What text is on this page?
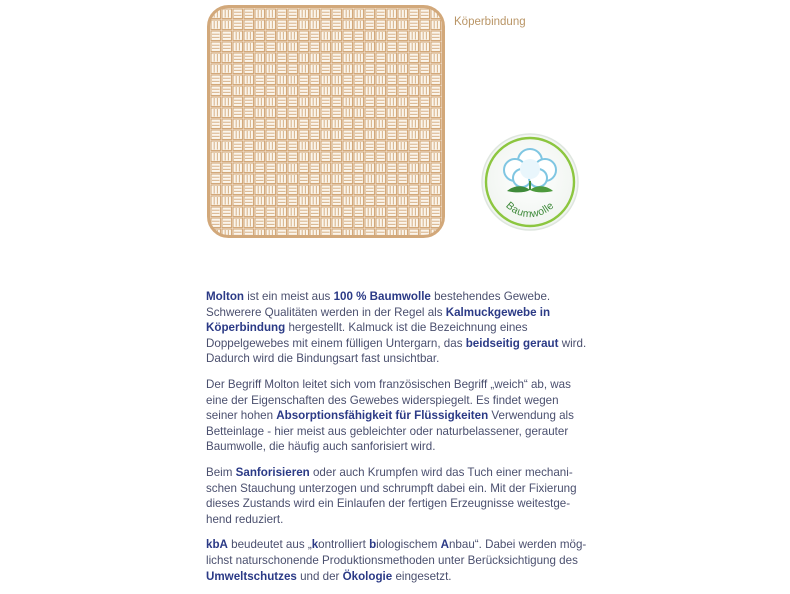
Köperbindung
Baumwolle

Molton ist ein meist aus 100 % Baumwolle bestehendes Gewebe. Schwerere Qualitäten werden in der Regel als Kalmuckgewebe in Köperbindung hergestellt. Kalmuck ist die Bezeichnung eines Doppelgewebes mit einem fülligen Untergarn, das beidseitig geraut wird. Dadurch wird die Bindungsart fast unsichtbar.

Der Begriff Molton leitet sich vom französischen Begriff „weich“ ab, was eine der Eigenschaften des Gewebes widerspiegelt. Es findet wegen seiner hohen Absorptionsfähigkeit für Flüssigkeiten Verwendung als Betteinlage - hier meist aus gebleichter oder naturbelassener, gerauter Baumwolle, die häufig auch sanforisiert wird.

Beim Sanforisieren oder auch Krumpfen wird das Tuch einer mechanischen Stauchung unterzogen und schrumpft dabei ein. Mit der Fixierung dieses Zustands wird ein Einlaufen der fertigen Erzeugnisse weitestgehend reduziert.

kbA beudeutet aus „kontrolliert biologischem Anbau“. Dabei werden möglichst naturschonende Produktionsmethoden unter Berücksichtigung des Umweltschutzes und der Ökologie eingesetzt.
